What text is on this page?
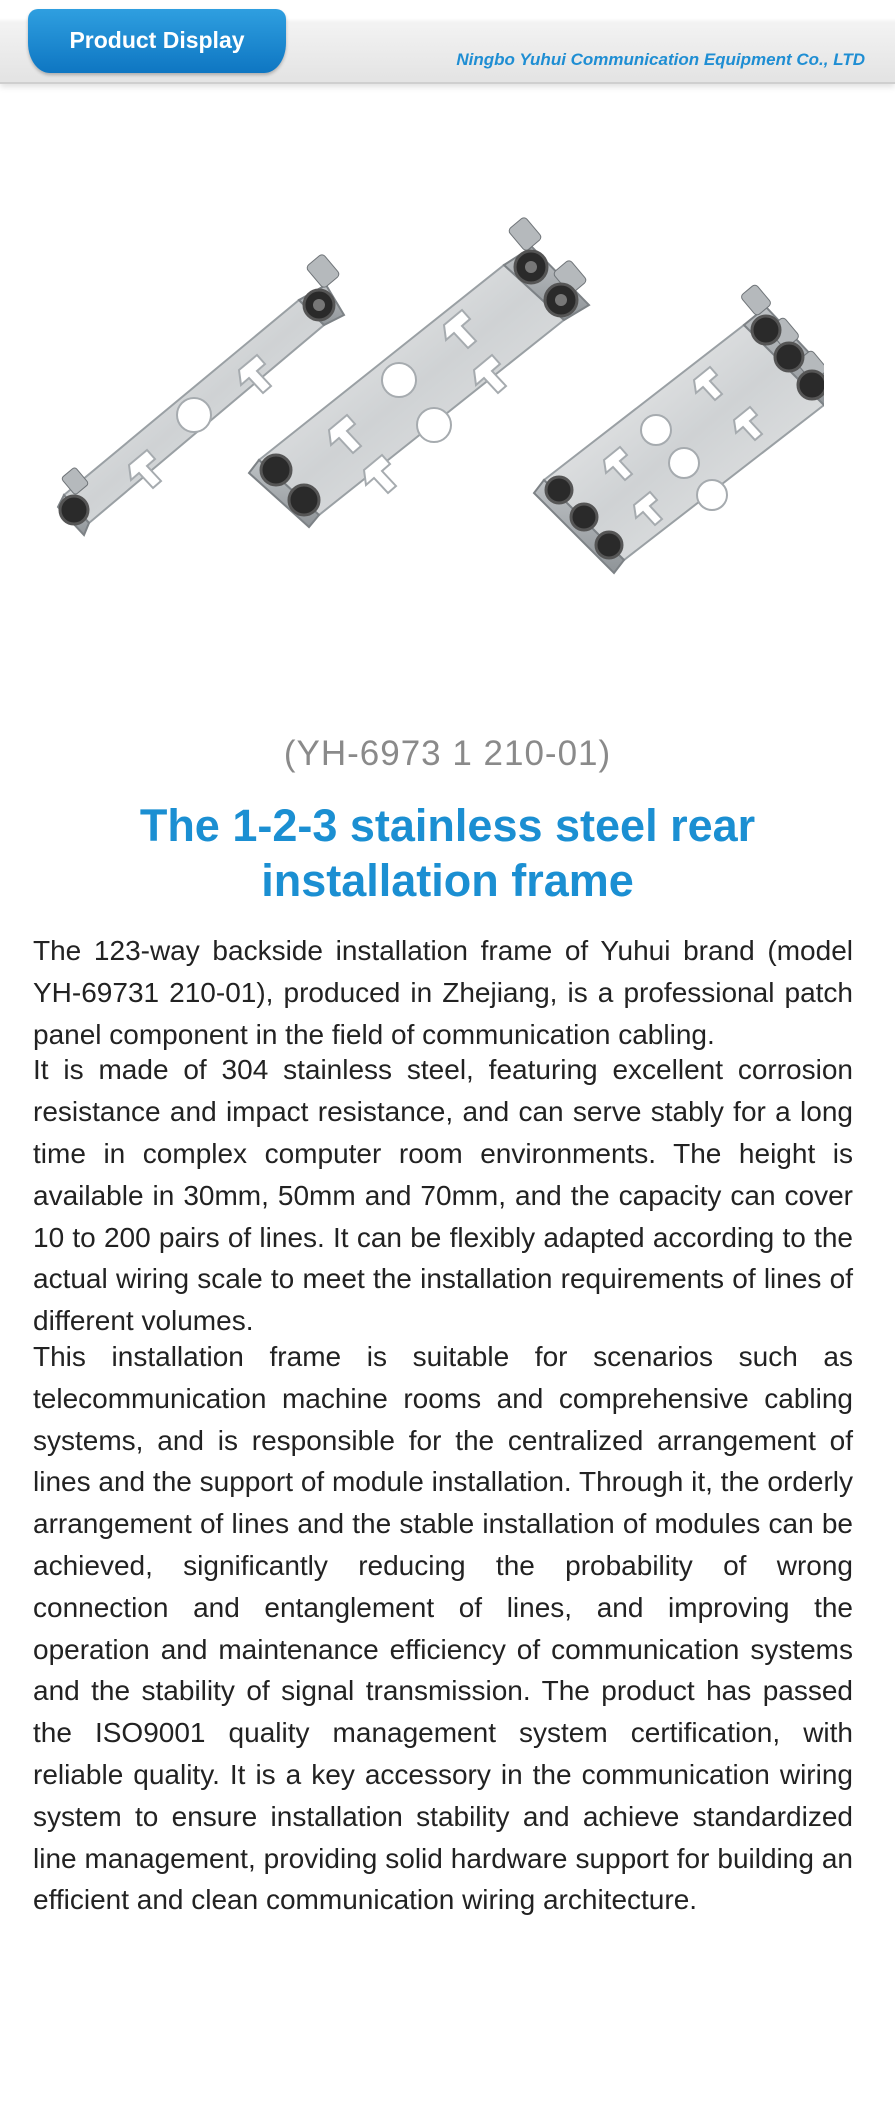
Product Display
Ningbo Yuhui Communication Equipment Co., LTD
(YH-6973 1 210-01)
The 1-2-3 stainless steel rear installation frame

The 123-way backside installation frame of Yuhui brand (model YH-69731 210-01), produced in Zhejiang, is a professional patch panel component in the field of communication cabling.

It is made of 304 stainless steel, featuring excellent corrosion resistance and impact resistance, and can serve stably for a long time in complex computer room environments. The height is available in 30mm, 50mm and 70mm, and the capacity can cover 10 to 200 pairs of lines. It can be flexibly adapted according to the actual wiring scale to meet the installation requirements of lines of different volumes.

This installation frame is suitable for scenarios such as telecommunication machine rooms and comprehensive cabling systems, and is responsible for the centralized arrangement of lines and the support of module installation. Through it, the orderly arrangement of lines and the stable installation of modules can be achieved, significantly reducing the probability of wrong connection and entanglement of lines, and improving the operation and maintenance efficiency of communication systems and the stability of signal transmission. The product has passed the ISO9001 quality management system certification, with reliable quality. It is a key accessory in the communication wiring system to ensure installation stability and achieve standardized line management, providing solid hardware support for building an efficient and clean communication wiring architecture.
